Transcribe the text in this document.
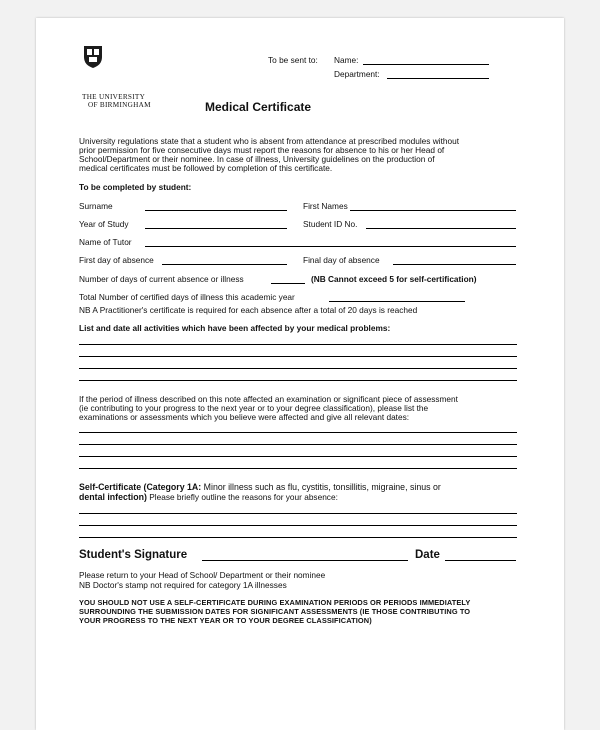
To be sent to: Name:
Department:
THE UNIVERSITY
OF BIRMINGHAM	Medical Certificate
University regulations state that a student who is absent from attendance at prescribed modules without
prior permission for five consecutive days must report the reasons for absence to his or her Head of
School/Department or their nominee. In case of illness, University guidelines on the production of
medical certificates must be followed by completion of this certificate.
To be completed by student:
Surname	First Names
Year of Study	Student ID No.
Name of Tutor
First day of absence	Final day of absence
Number of days of current absence or illness	(NB Cannot exceed 5 for self-certification)
Total Number of certified days of illness this academic year
NB A Practitioner's certificate is required for each absence after a total of 20 days is reached
List and date all activities which have been affected by your medical problems:
If the period of illness described on this note affected an examination or significant piece of assessment
(ie contributing to your progress to the next year or to your degree classification), please list the
examinations or assessments which you believe were affected and give all relevant dates:
Self-Certificate (Category 1A: Minor illness such as flu, cystitis, tonsillitis, migraine, sinus or
dental infection) Please briefly outline the reasons for your absence:
Student's Signature	Date
Please return to your Head of School/ Department or their nominee
NB Doctor's stamp not required for category 1A illnesses
YOU SHOULD NOT USE A SELF-CERTIFICATE DURING EXAMINATION PERIODS OR PERIODS IMMEDIATELY
SURROUNDING THE SUBMISSION DATES FOR SIGNIFICANT ASSESSMENTS (IE THOSE CONTRIBUTING TO
YOUR PROGRESS TO THE NEXT YEAR OR TO YOUR DEGREE CLASSIFICATION)
